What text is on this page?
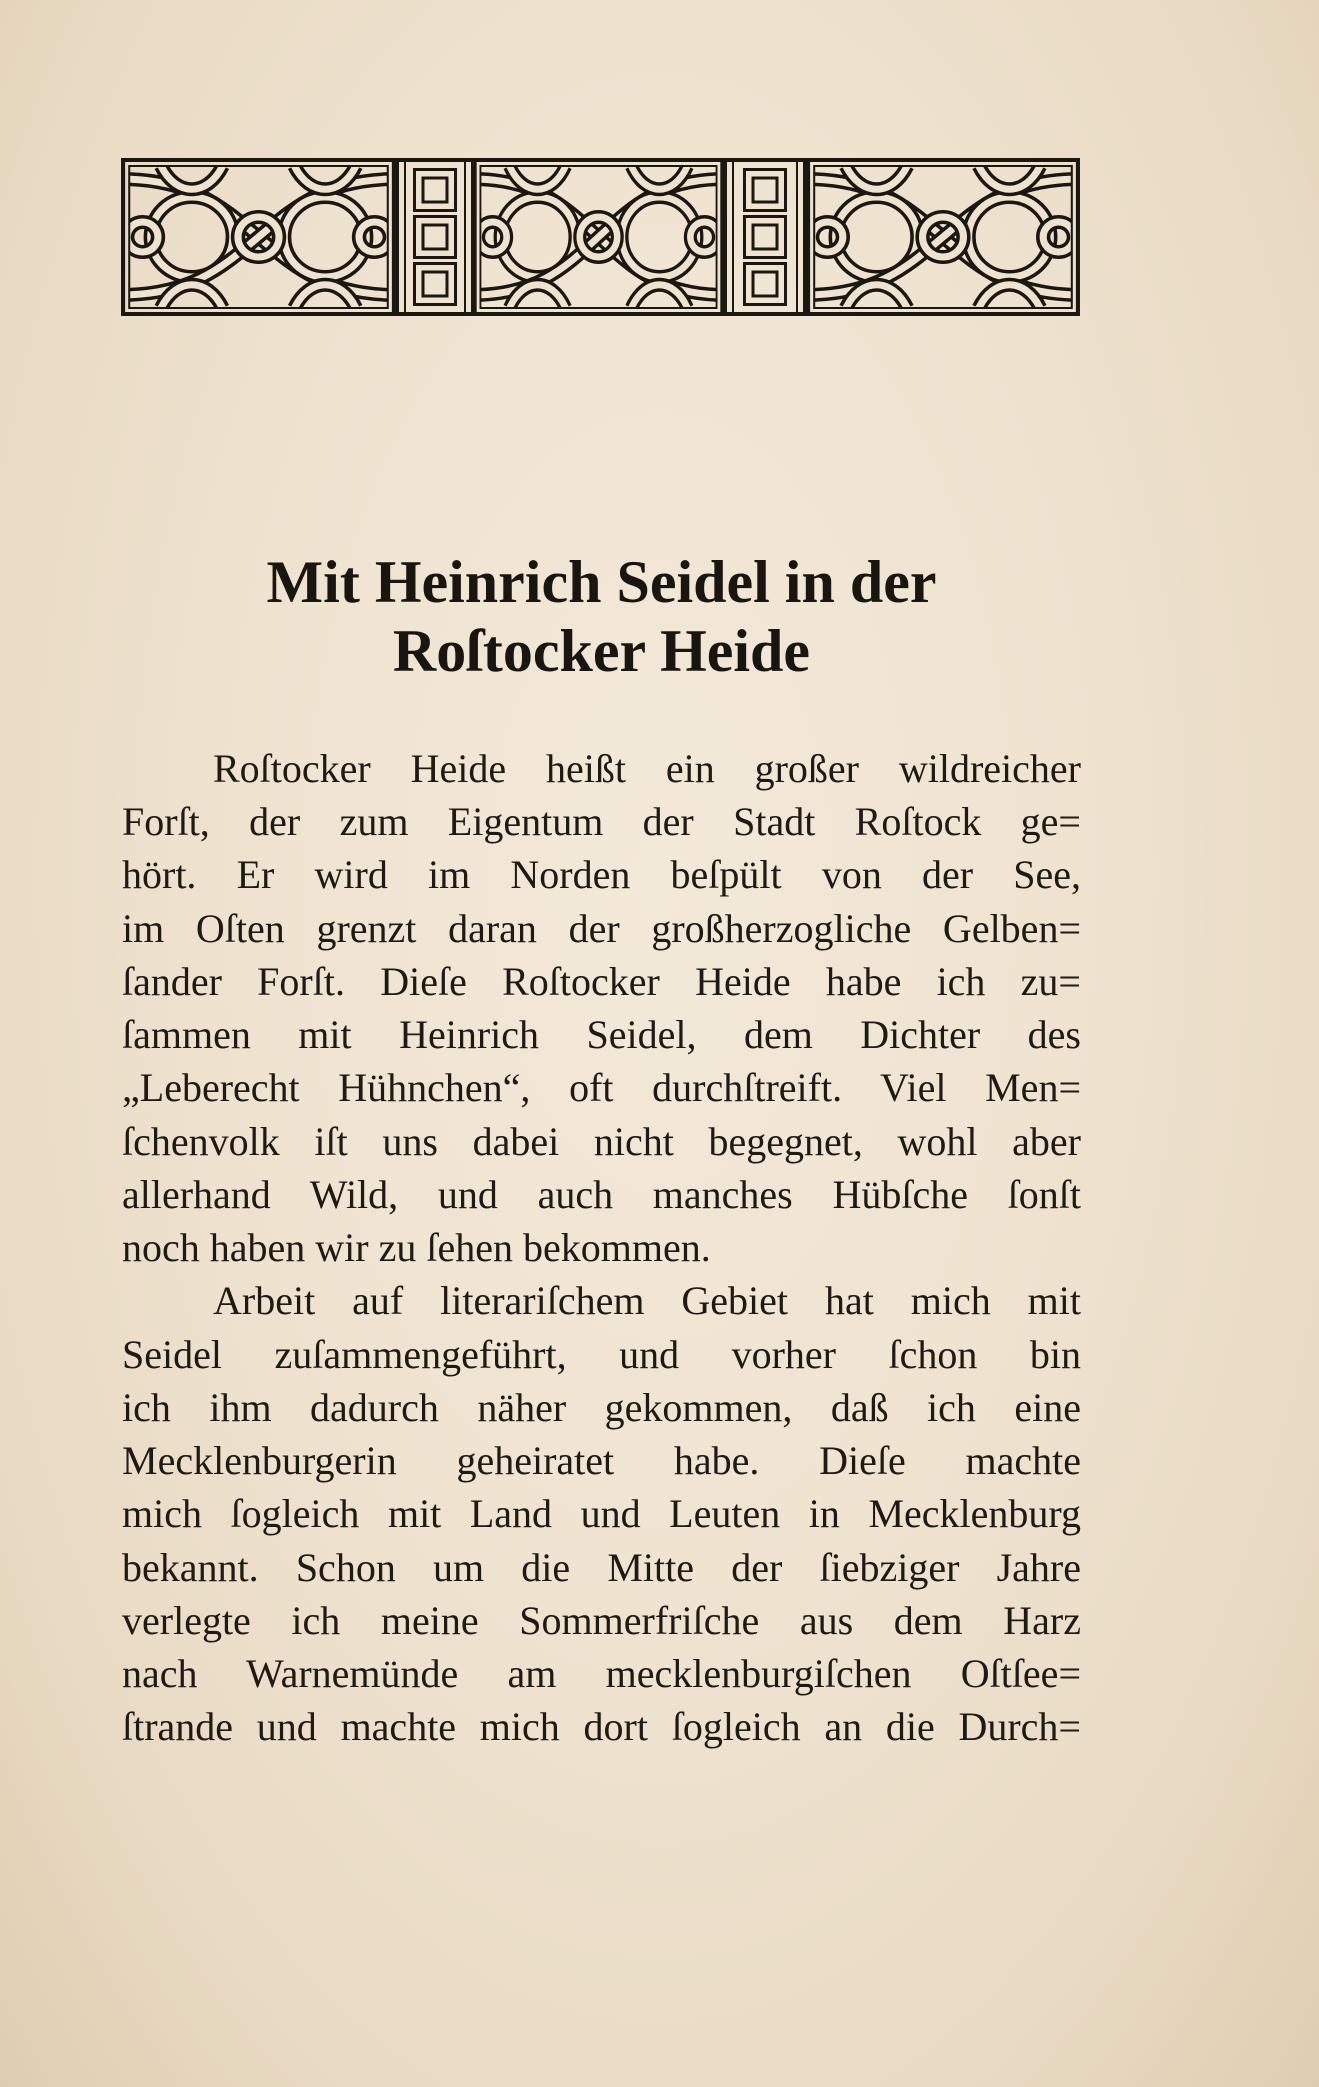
Mit Heinrich Seidel in der
Roſtocker Heide
Roſtocker Heide heißt ein großer wildreicher
Forſt, der zum Eigentum der Stadt Roſtock ge=
hört. Er wird im Norden beſpült von der See,
im Oſten grenzt daran der großherzogliche Gelben=
ſander Forſt. Dieſe Roſtocker Heide habe ich zu=
ſammen mit Heinrich Seidel, dem Dichter des
„Leberecht Hühnchen“, oft durchſtreift. Viel Men=
ſchenvolk iſt uns dabei nicht begegnet, wohl aber
allerhand Wild, und auch manches Hübſche ſonſt
noch haben wir zu ſehen bekommen.
Arbeit auf literariſchem Gebiet hat mich mit
Seidel zuſammengeführt, und vorher ſchon bin
ich ihm dadurch näher gekommen, daß ich eine
Mecklenburgerin geheiratet habe. Dieſe machte
mich ſogleich mit Land und Leuten in Mecklenburg
bekannt. Schon um die Mitte der ſiebziger Jahre
verlegte ich meine Sommerfriſche aus dem Harz
nach Warnemünde am mecklenburgiſchen Oſtſee=
ſtrande und machte mich dort ſogleich an die Durch=
